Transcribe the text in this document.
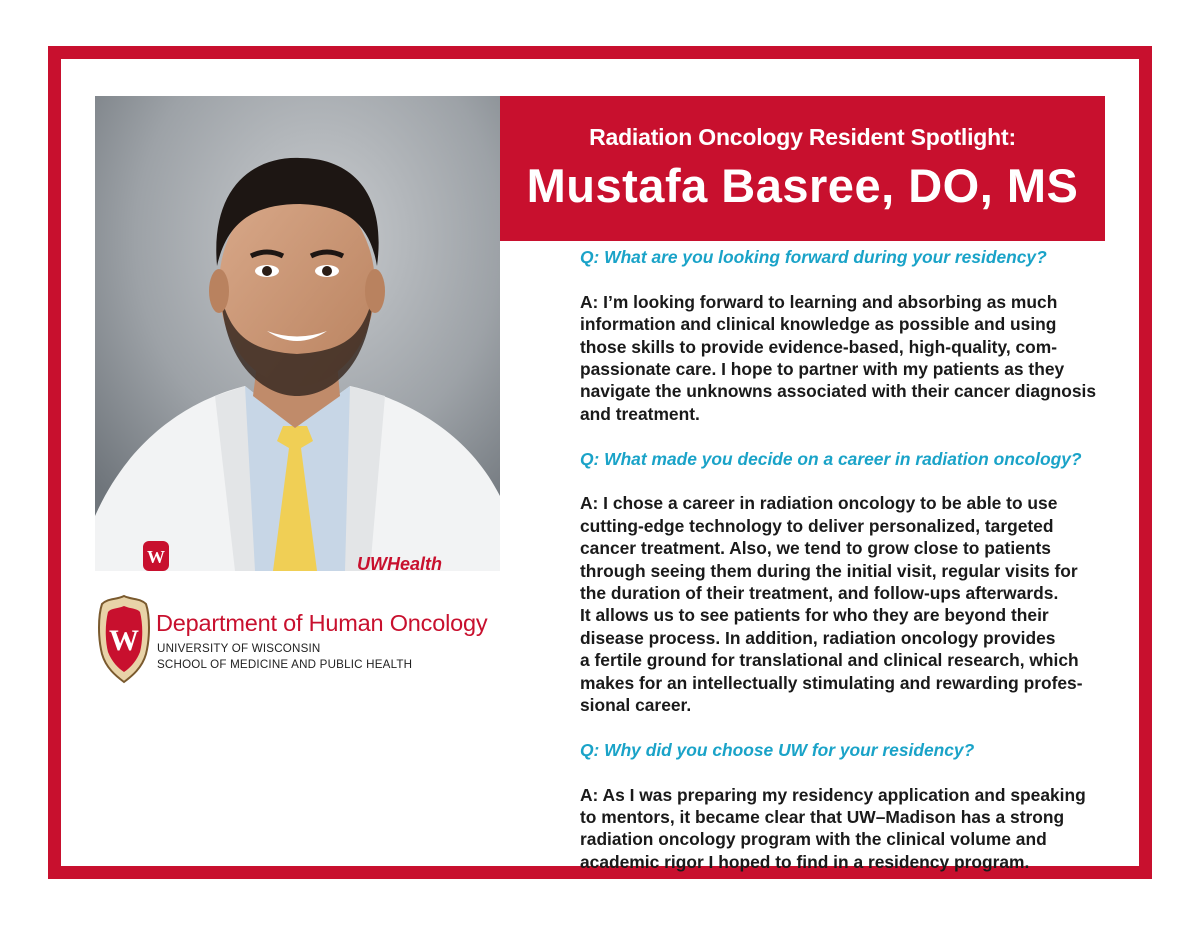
W	UWHealth
Radiation Oncology Resident Spotlight:
Mustafa Basree, DO, MS

Q: What are you looking forward during your residency?

A: I’m looking forward to learning and absorbing as much

information and clinical knowledge as possible and using

those skills to provide evidence-based, high-quality, com-

passionate care. I hope to partner with my patients as they

navigate the unknowns associated with their cancer diagnosis

and treatment.

Q: What made you decide on a career in radiation oncology?

A: I chose a career in radiation oncology to be able to use

cutting-edge technology to deliver personalized, targeted

cancer treatment. Also, we tend to grow close to patients

through seeing them during the initial visit, regular visits for

the duration of their treatment, and follow-ups afterwards.

It allows us to see patients for who they are beyond their

disease process. In addition, radiation oncology provides

a fertile ground for translational and clinical research, which

makes for an intellectually stimulating and rewarding profes-

sional career.

Q: Why did you choose UW for your residency?

A: As I was preparing my residency application and speaking

to mentors, it became clear that UW–Madison has a strong

radiation oncology program with the clinical volume and

academic rigor I hoped to find in a residency program.

W
Department of Human Oncology
UNIVERSITY OF WISCONSIN
SCHOOL OF MEDICINE AND PUBLIC HEALTH
